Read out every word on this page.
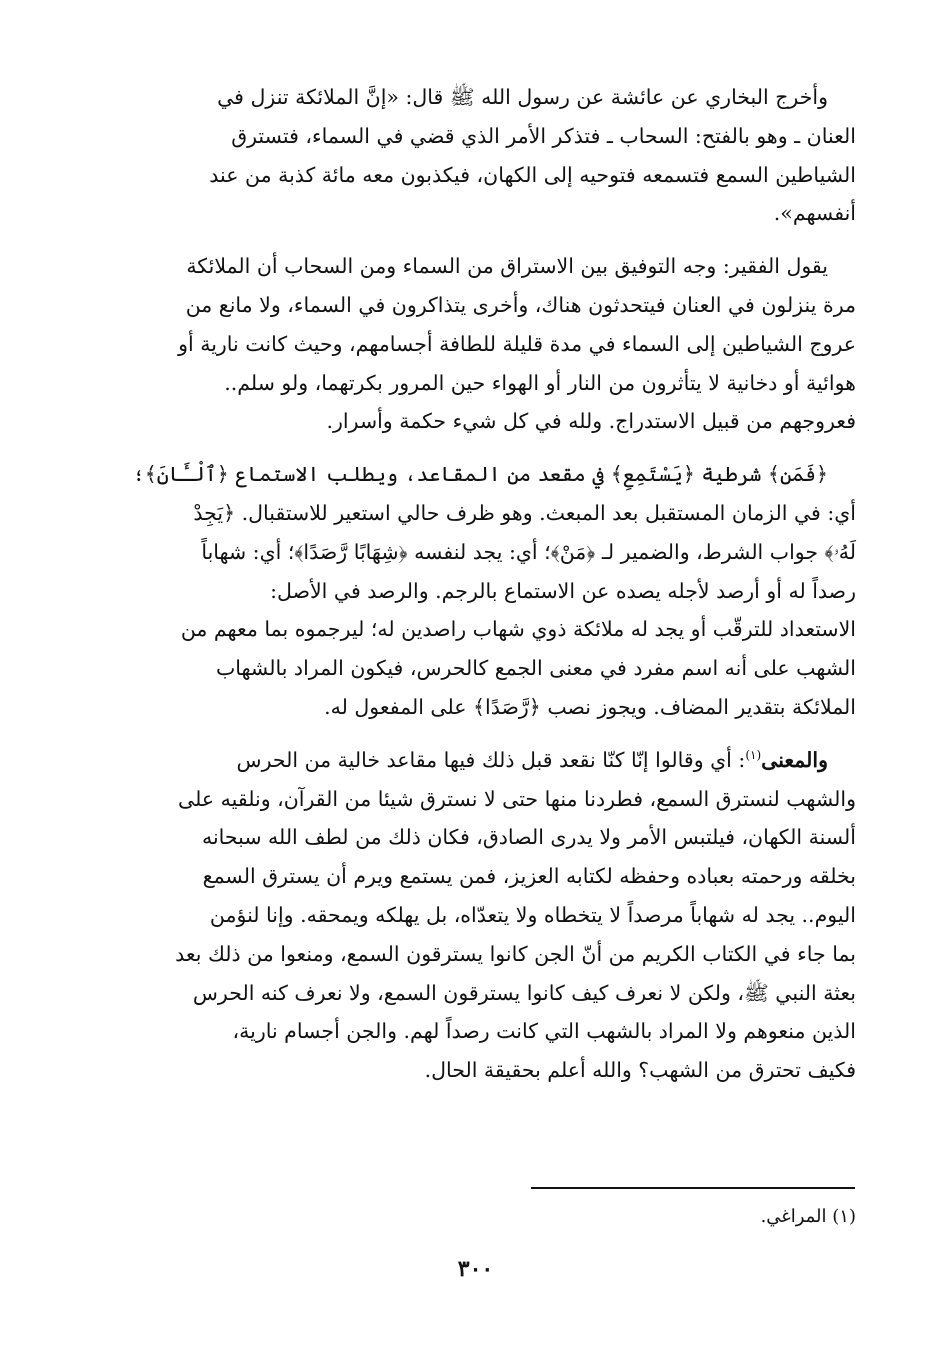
وأخرج البخاري عن عائشة عن رسول الله ﷺ قال: «إنَّ الملائكة تنزل في
العنان ـ وهو بالفتح: السحاب ـ فتذكر الأمر الذي قضي في السماء، فتسترق
الشياطين السمع فتسمعه فتوحيه إلى الكهان، فيكذبون معه مائة كذبة من عند
أنفسهم».

يقول الفقير: وجه التوفيق بين الاستراق من السماء ومن السحاب أن الملائكة
مرة ينزلون في العنان فيتحدثون هناك، وأخرى يتذاكرون في السماء، ولا مانع من
عروج الشياطين إلى السماء في مدة قليلة للطافة أجسامهم، وحيث كانت نارية أو
هوائية أو دخانية لا يتأثرون من النار أو الهواء حين المرور بكرتهما، ولو سلم..
فعروجهم من قبيل الاستدراج. ولله في كل شيء حكمة وأسرار.

﴿فَمَن﴾ شرطية ﴿يَسْتَمِعِ﴾ في مقعد من المقاعد، ويطلب الاستماع ﴿ٱلْـَٔانَ﴾؛
أي: في الزمان المستقبل بعد المبعث. وهو ظرف حالي استعير للاستقبال. ﴿يَجِدْ
لَهُۥ﴾ جواب الشرط، والضمير لـ ﴿مَنْ﴾؛ أي: يجد لنفسه ﴿شِهَابًا رَّصَدًا﴾؛ أي: شهاباً
رصداً له أو أرصد لأجله يصده عن الاستماع بالرجم. والرصد في الأصل:
الاستعداد للترقّب أو يجد له ملائكة ذوي شهاب راصدين له؛ ليرجموه بما معهم من
الشهب على أنه اسم مفرد في معنى الجمع كالحرس، فيكون المراد بالشهاب
الملائكة بتقدير المضاف. ويجوز نصب ﴿رَّصَدًا﴾ على المفعول له.

والمعنى$^{(١)}$: أي وقالوا إنّا كنّا نقعد قبل ذلك فيها مقاعد خالية من الحرس
والشهب لنسترق السمع، فطردنا منها حتى لا نسترق شيئا من القرآن، ونلقيه على
ألسنة الكهان، فيلتبس الأمر ولا يدرى الصادق، فكان ذلك من لطف الله سبحانه
بخلقه ورحمته بعباده وحفظه لكتابه العزيز، فمن يستمع ويرم أن يسترق السمع
اليوم.. يجد له شهاباً مرصداً لا يتخطاه ولا يتعدّاه، بل يهلكه ويمحقه. وإنا لنؤمن
بما جاء في الكتاب الكريم من أنّ الجن كانوا يسترقون السمع، ومنعوا من ذلك بعد
بعثة النبي ﷺ، ولكن لا نعرف كيف كانوا يسترقون السمع، ولا نعرف كنه الحرس
الذين منعوهم ولا المراد بالشهب التي كانت رصداً لهم. والجن أجسام نارية،
فكيف تحترق من الشهب؟ والله أعلم بحقيقة الحال.

(١) المراغي.
٣٠٠
